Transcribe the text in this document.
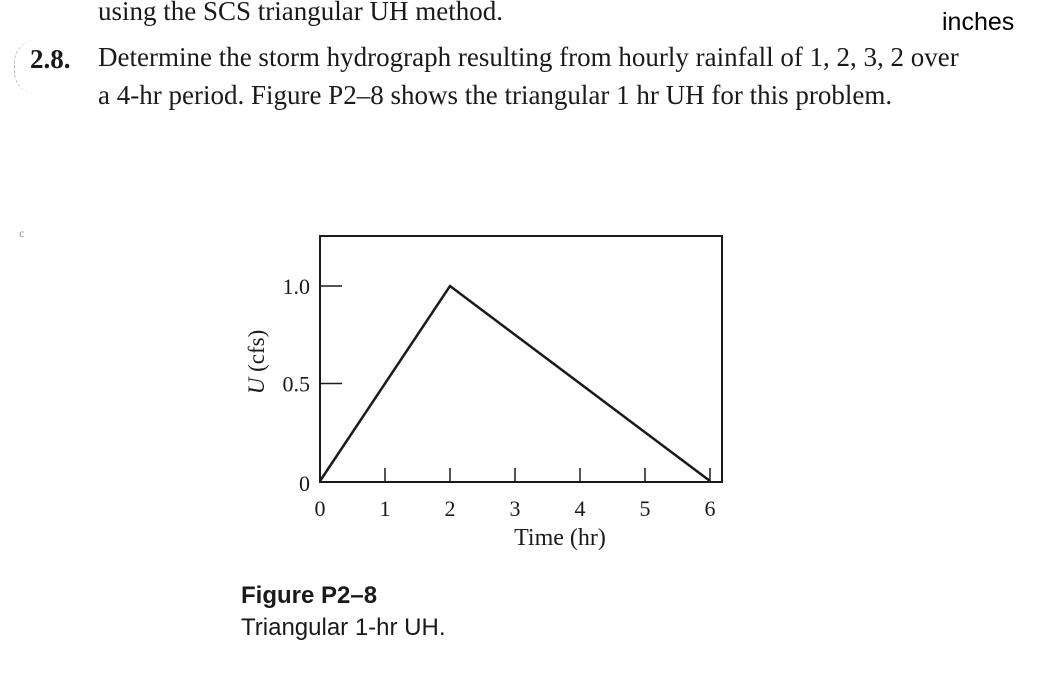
using the SCS triangular UH method.	inches
2.8. Determine the storm hydrograph resulting from hourly rainfall of 1, 2, 3, 2 over
a 4-hr period. Figure P2–8 shows the triangular 1 hr UH for this problem.
c
0
0.5
1.0
0 1 2 3 4 5 6
Time (hr)
U (cfs)
Figure P2–8
Triangular 1-hr UH.
